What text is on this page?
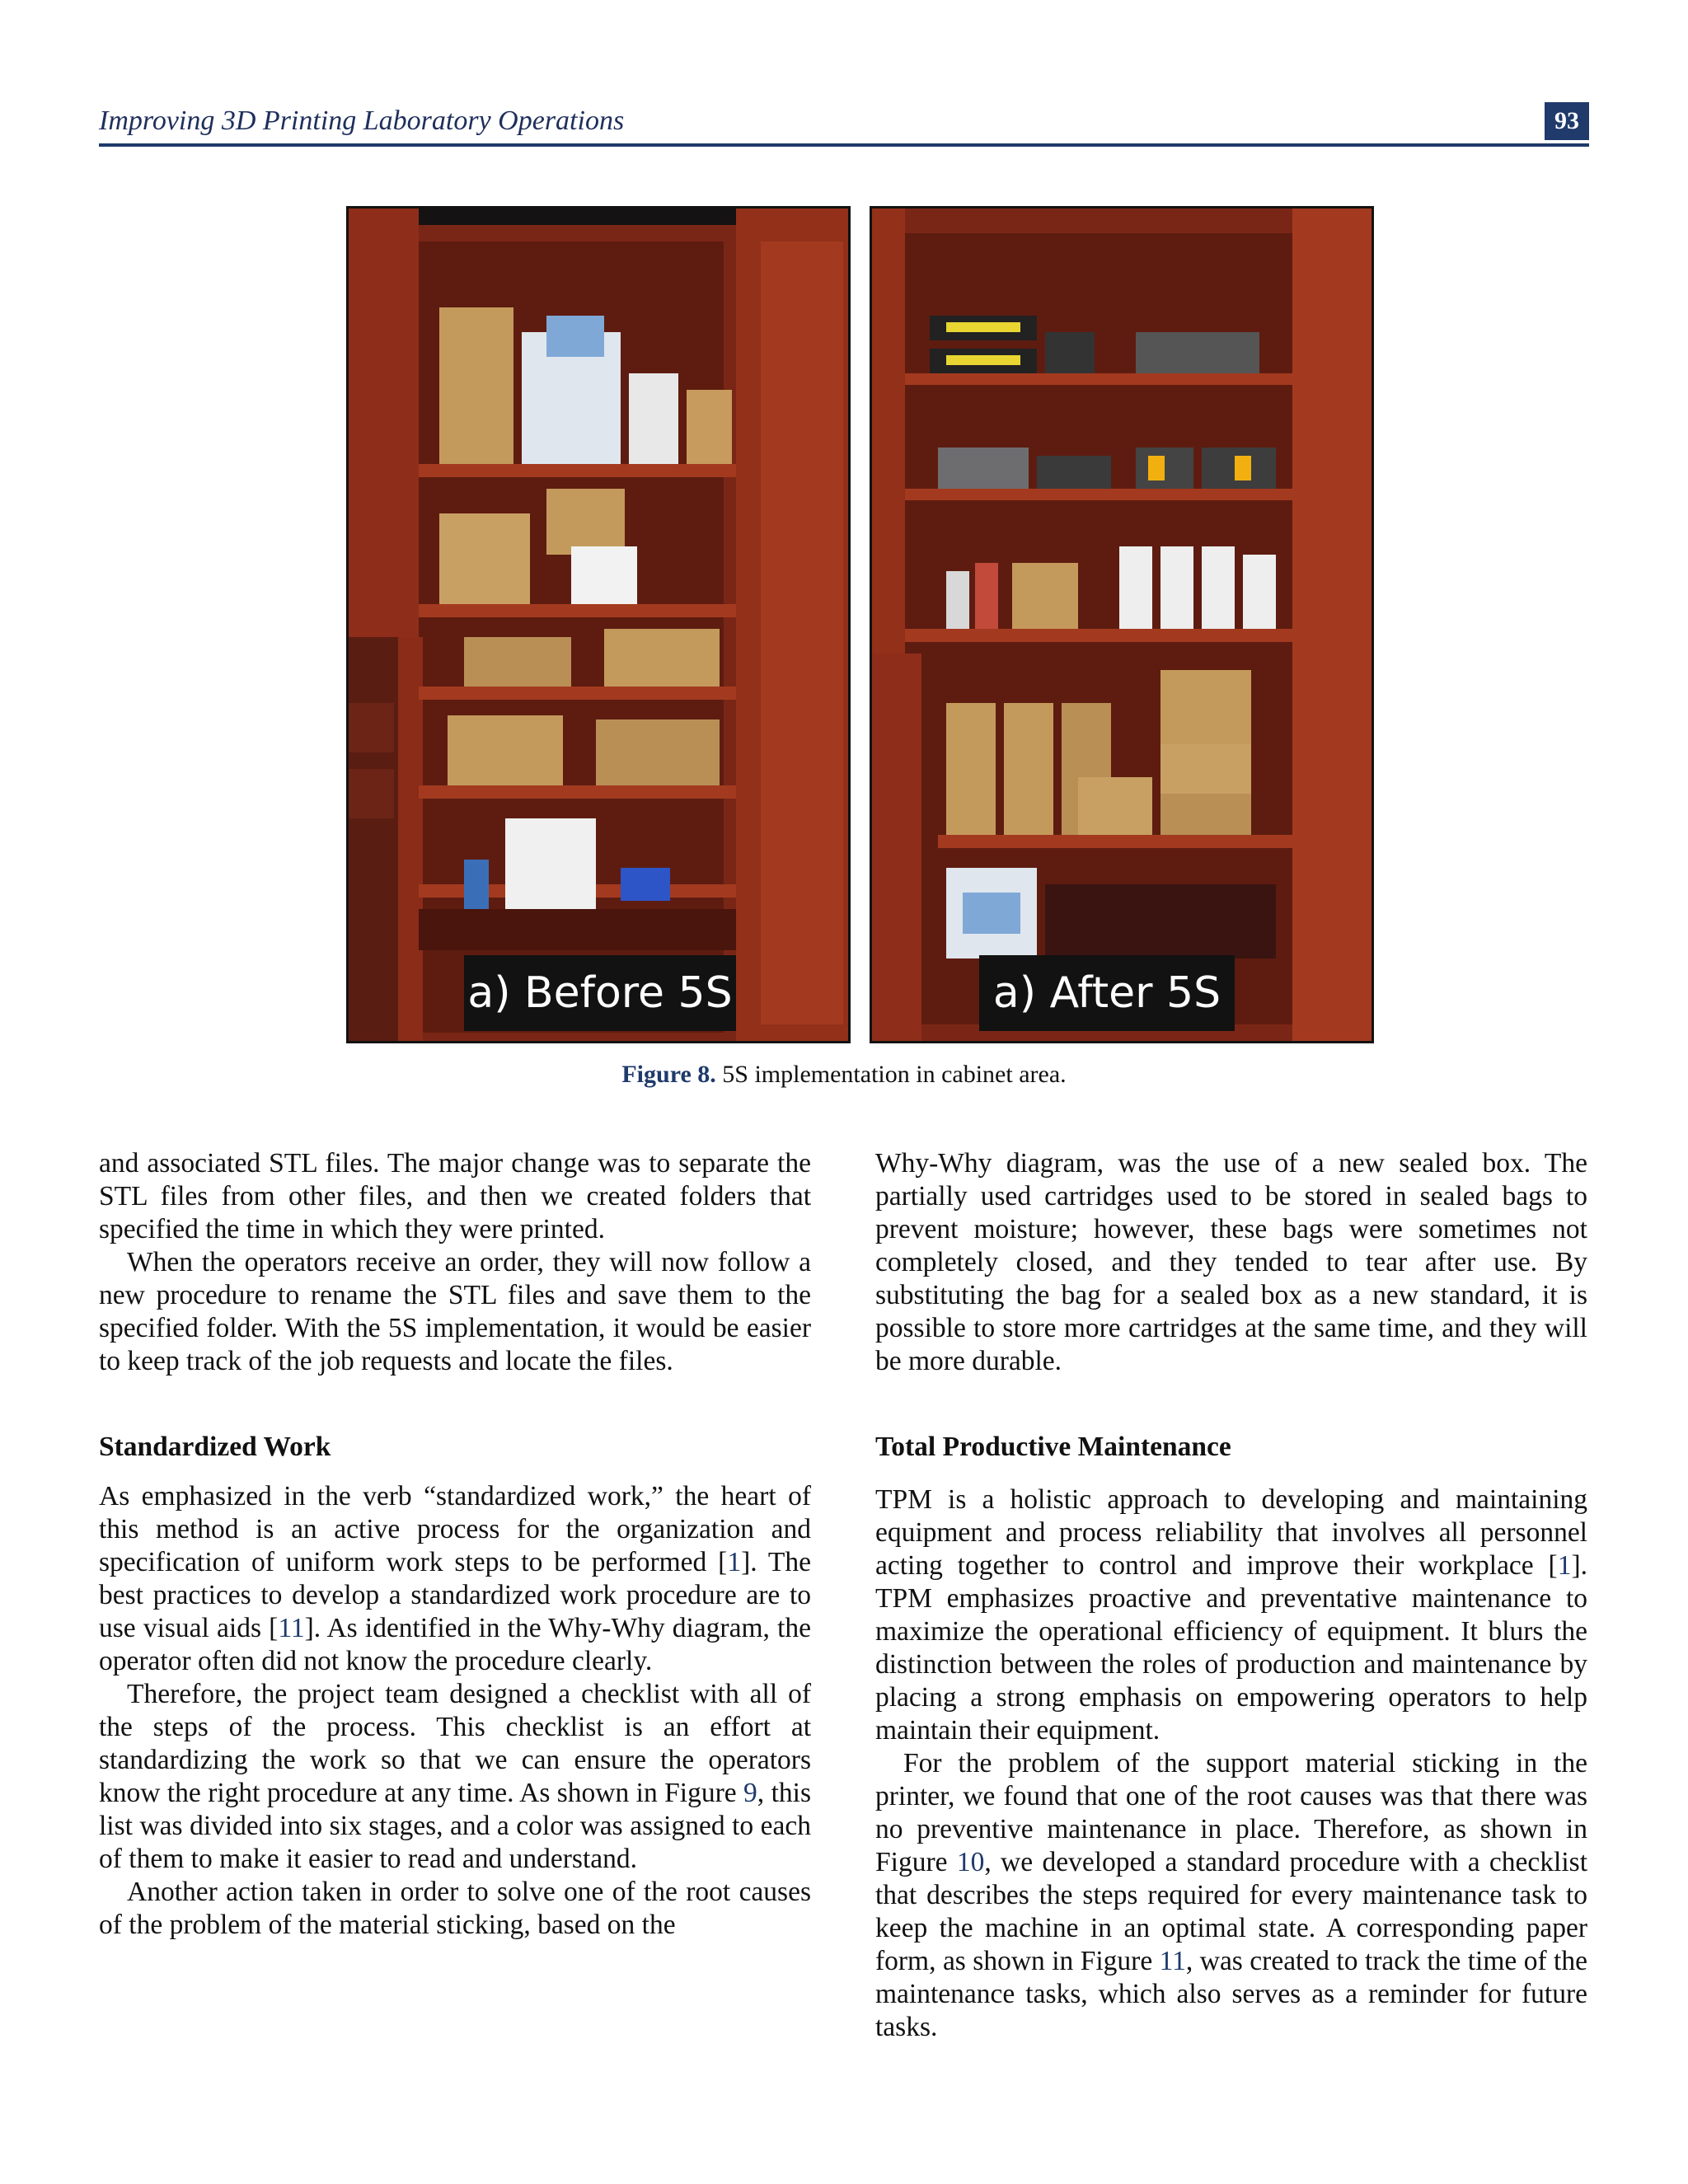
Improving 3D Printing Laboratory Operations	93
a) Before 5S	a) After 5S
Figure 8. 5S implementation in cabinet area.

and associated STL files. The major change was to separate the STL files from other files, and then we created folders that specified the time in which they were printed.

When the operators receive an order, they will now follow a new procedure to rename the STL files and save them to the specified folder. With the 5S implementation, it would be easier to keep track of the job requests and locate the files.

Standardized Work

As emphasized in the verb “standardized work,” the heart of this method is an active process for the organization and specification of uniform work steps to be performed [1]. The best practices to develop a standardized work procedure are to use visual aids [11]. As identified in the Why-Why diagram, the operator often did not know the procedure clearly.

Therefore, the project team designed a checklist with all of the steps of the process. This checklist is an effort at standardizing the work so that we can ensure the operators know the right procedure at any time. As shown in Figure 9, this list was divided into six stages, and a color was assigned to each of them to make it easier to read and understand.

Another action taken in order to solve one of the root causes of the problem of the material sticking, based on the

Why-Why diagram, was the use of a new sealed box. The partially used cartridges used to be stored in sealed bags to prevent moisture; however, these bags were sometimes not completely closed, and they tended to tear after use. By substituting the bag for a sealed box as a new standard, it is possible to store more cartridges at the same time, and they will be more durable.

Total Productive Maintenance

TPM is a holistic approach to developing and maintaining equipment and process reliability that involves all personnel acting together to control and improve their workplace [1]. TPM emphasizes proactive and preventative maintenance to maximize the operational efficiency of equipment. It blurs the distinction between the roles of production and maintenance by placing a strong emphasis on empowering operators to help maintain their equipment.

For the problem of the support material sticking in the printer, we found that one of the root causes was that there was no preventive maintenance in place. Therefore, as shown in Figure 10, we developed a standard procedure with a checklist that describes the steps required for every maintenance task to keep the machine in an optimal state. A corresponding paper form, as shown in Figure 11, was created to track the time of the maintenance tasks, which also serves as a reminder for future tasks.
